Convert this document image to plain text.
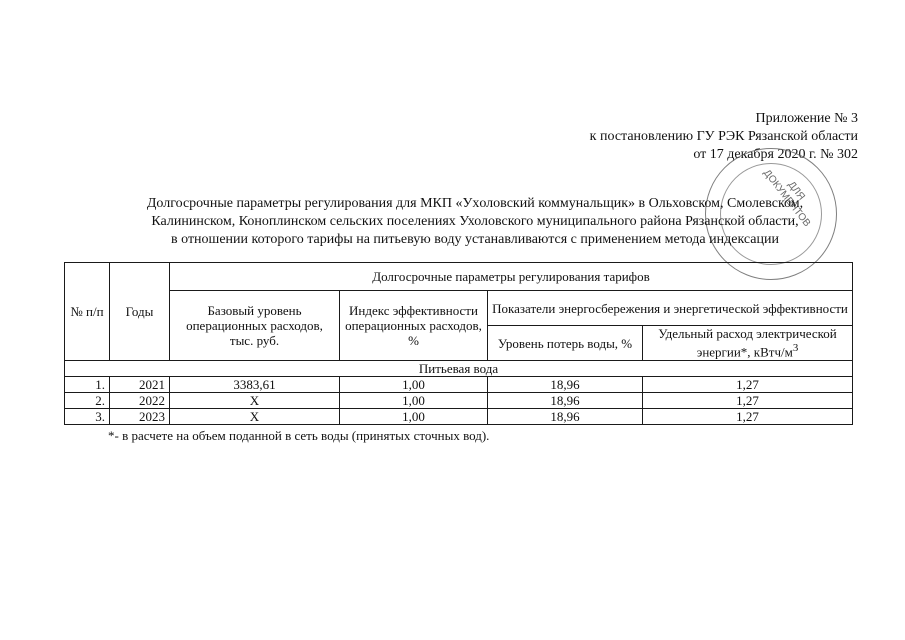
Приложение № 3
к постановлению ГУ РЭК Рязанской области
от 17 декабря 2020 г. № 302
ДЛЯ ДОКУМЕНТОВ
Долгосрочные параметры регулирования для МКП «Уxоловский коммунальщик» в Ольховском, Смолевском,
Калининском, Коноплинском сельских поселениях Ухоловского муниципального района Рязанской области,
в отношении которого тарифы на питьевую воду устанавливаются с применением метода индексации
№ п/п	Годы	Долгосрочные параметры регулирования тарифов			
		Базовый уровень операционных расходов, тыс. руб.	Индекс эффективности операционных расходов, %	Показатели энергосбережения и энергетической эффективности	
				Уровень потерь воды, %	Удельный расход электрической энергии*, кВтч/$м^3$
Питьевая вода					
1.	2021	3383,61	1,00	18,96	1,27
2.	2022	Х	1,00	18,96	1,27
3.	2023	Х	1,00	18,96	1,27
*- в расчете на объем поданной в сеть воды (принятых сточных вод).
